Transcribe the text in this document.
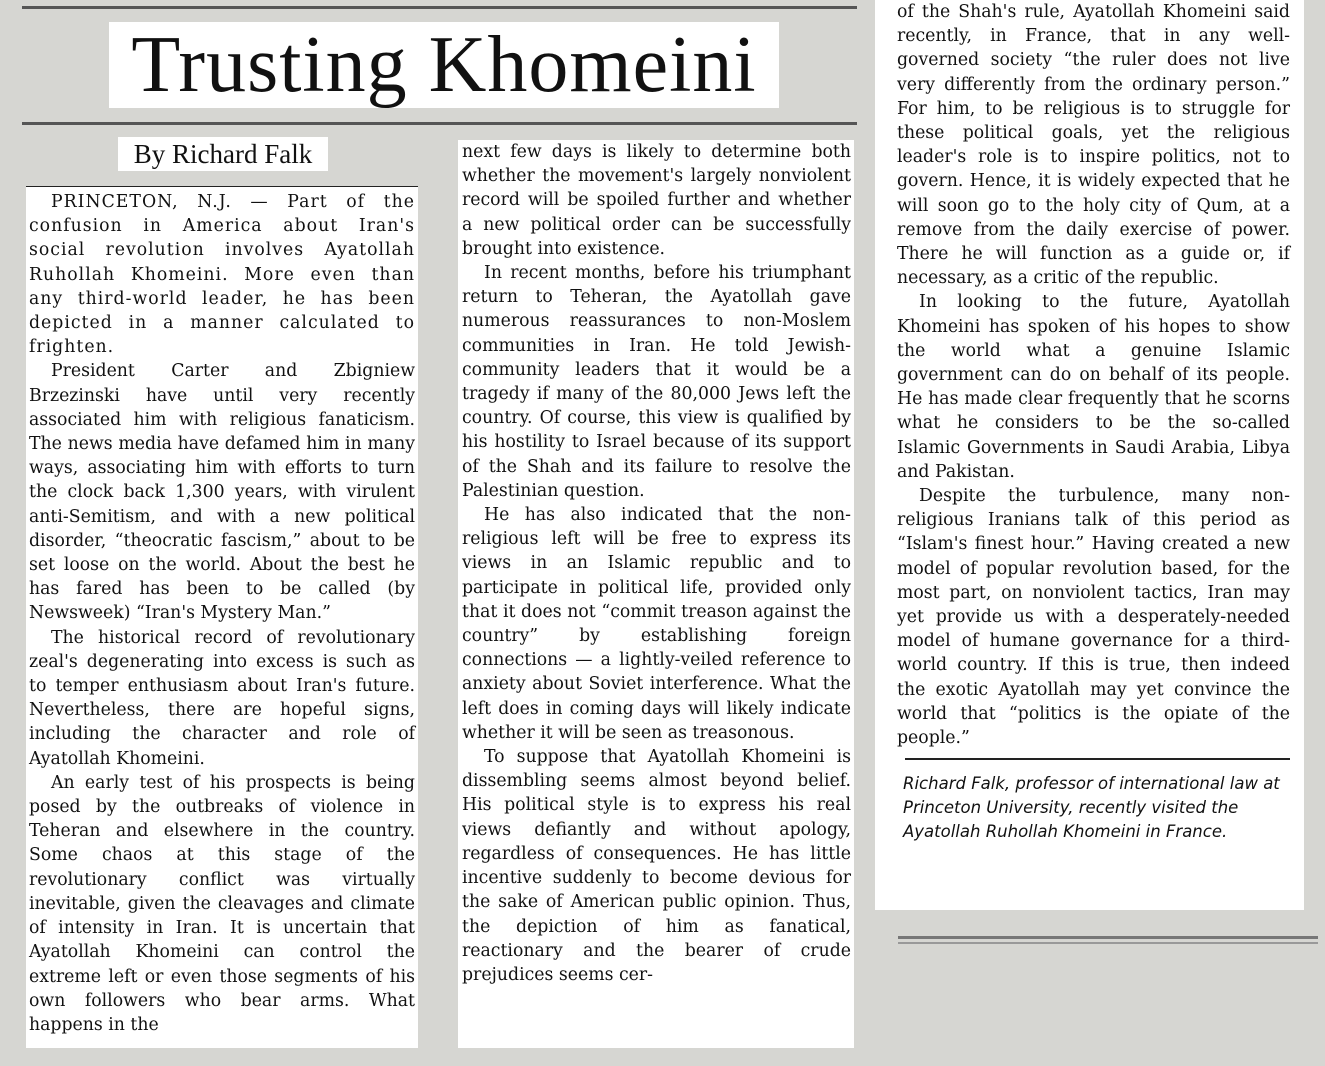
Trusting Khomeini
By Richard Falk

PRINCETON, N.J. — Part of the confusion in America about Iran's social revolution involves Ayatollah Ruhollah Khomeini. More even than any third-world leader, he has been depicted in a manner calculated to frighten.

President Carter and Zbigniew Brzezinski have until very recently associated him with religious fanaticism. The news media have defamed him in many ways, associating him with efforts to turn the clock back 1,300 years, with virulent anti-Semitism, and with a new political disorder, “theocratic fascism,” about to be set loose on the world. About the best he has fared has been to be called (by Newsweek) “Iran's Mystery Man.”

The historical record of revolutionary zeal's degenerating into excess is such as to temper enthusiasm about Iran's future. Nevertheless, there are hopeful signs, including the character and role of Ayatollah Khomeini.

An early test of his prospects is being posed by the outbreaks of violence in Teheran and elsewhere in the country. Some chaos at this stage of the revolutionary conflict was virtually inevitable, given the cleavages and climate of intensity in Iran. It is uncertain that Ayatollah Khomeini can control the extreme left or even those segments of his own followers who bear arms. What happens in the

next few days is likely to determine both whether the movement's largely nonviolent record will be spoiled further and whether a new political order can be successfully brought into existence.

In recent months, before his triumphant return to Teheran, the Ayatollah gave numerous reassurances to non-Moslem communities in Iran. He told Jewish-community leaders that it would be a tragedy if many of the 80,000 Jews left the country. Of course, this view is qualified by his hostility to Israel because of its support of the Shah and its failure to resolve the Palestinian question.

He has also indicated that the non-religious left will be free to express its views in an Islamic republic and to participate in political life, provided only that it does not “commit treason against the country” by establishing foreign connections — a lightly-veiled reference to anxiety about Soviet interference. What the left does in coming days will likely indicate whether it will be seen as treasonous.

To suppose that Ayatollah Khomeini is dissembling seems almost beyond belief. His political style is to express his real views defiantly and without apology, regardless of consequences. He has little incentive suddenly to become devious for the sake of American public opinion. Thus, the depiction of him as fanatical, reactionary and the bearer of crude prejudices seems cer-

of the Shah's rule, Ayatollah Khomeini said recently, in France, that in any well-governed society “the ruler does not live very differently from the ordinary person.” For him, to be religious is to struggle for these political goals, yet the religious leader's role is to inspire politics, not to govern. Hence, it is widely expected that he will soon go to the holy city of Qum, at a remove from the daily exercise of power. There he will function as a guide or, if necessary, as a critic of the republic.

In looking to the future, Ayatollah Khomeini has spoken of his hopes to show the world what a genuine Islamic government can do on behalf of its people. He has made clear frequently that he scorns what he considers to be the so-called Islamic Governments in Saudi Arabia, Libya and Pakistan.

Despite the turbulence, many non-religious Iranians talk of this period as “Islam's finest hour.” Having created a new model of popular revolution based, for the most part, on nonviolent tactics, Iran may yet provide us with a desperately-needed model of humane governance for a third-world country. If this is true, then indeed the exotic Ayatollah may yet convince the world that “politics is the opiate of the people.”

Richard Falk, professor of international law at Princeton University, recently visited the Ayatollah Ruhollah Khomeini in France.
